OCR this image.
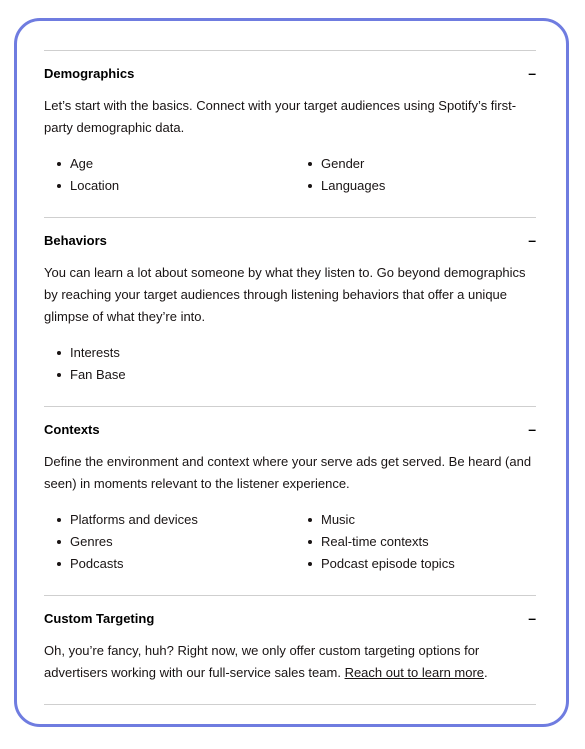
Demographics	–

Let’s start with the basics. Connect with your target audiences using Spotify’s first-party demographic data.

Age	Gender
Location	Languages
Behaviors	–

You can learn a lot about someone by what they listen to. Go beyond demographics by reaching your target audiences through listening behaviors that offer a unique glimpse of what they’re into.

Interests
Fan Base
Contexts	–

Define the environment and context where your serve ads get served. Be heard (and seen) in moments relevant to the listener experience.

Platforms and devices	Music
Genres	Real-time contexts
Podcasts	Podcast episode topics
Custom Targeting	–

Oh, you’re fancy, huh? Right now, we only offer custom targeting options for advertisers working with our full-service sales team. Reach out to learn more.
